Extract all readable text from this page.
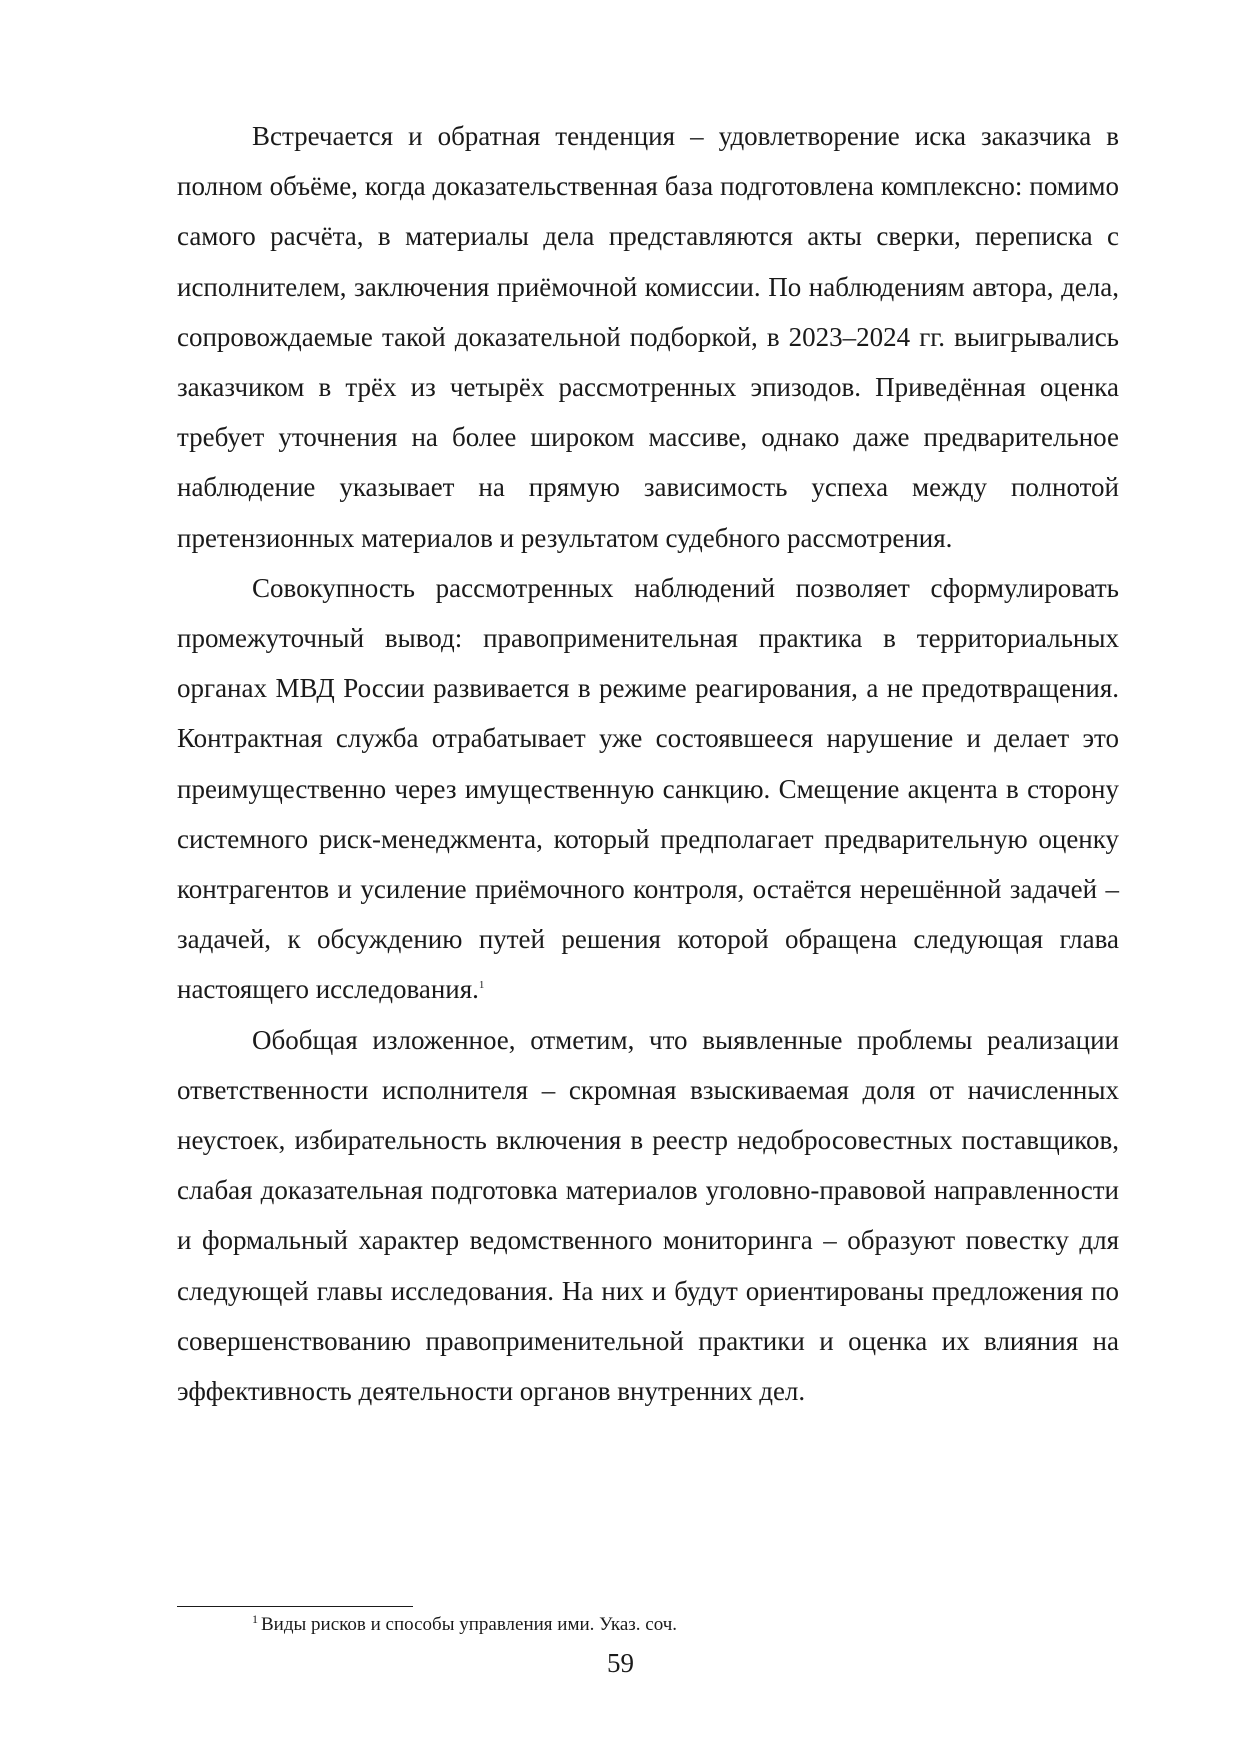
Встречается и обратная тенденция – удовлетворение иска заказчика в полном объёме, когда доказательственная база подготовлена комплексно: помимо самого расчёта, в материалы дела представляются акты сверки, переписка с исполнителем, заключения приёмочной комиссии. По наблюдениям автора, дела, сопровождаемые такой доказательной подборкой, в 2023–2024 гг. выигрывались заказчиком в трёх из четырёх рассмотренных эпизодов. Приведённая оценка требует уточнения на более широком массиве, однако даже предварительное наблюдение указывает на прямую зависимость успеха между полнотой претензионных материалов и результатом судебного рассмотрения.

Совокупность рассмотренных наблюдений позволяет сформулировать промежуточный вывод: правоприменительная практика в территориальных органах МВД России развивается в режиме реагирования, а не предотвращения. Контрактная служба отрабатывает уже состоявшееся нарушение и делает это преимущественно через имущественную санкцию. Смещение акцента в сторону системного риск-менеджмента, который предполагает предварительную оценку контрагентов и усиление приёмочного контроля, остаётся нерешённой задачей – задачей, к обсуждению путей решения которой обращена следующая глава настоящего исследования.$^1$

Обобщая изложенное, отметим, что выявленные проблемы реализации ответственности исполнителя – скромная взыскиваемая доля от начисленных неустоек, избирательность включения в реестр недобросовестных поставщиков, слабая доказательная подготовка материалов уголовно-правовой направленности и формальный характер ведомственного мониторинга – образуют повестку для следующей главы исследования. На них и будут ориентированы предложения по совершенствованию правоприменительной практики и оценка их влияния на эффективность деятельности органов внутренних дел.

$^1$ Виды рисков и способы управления ими. Указ. соч.
59
